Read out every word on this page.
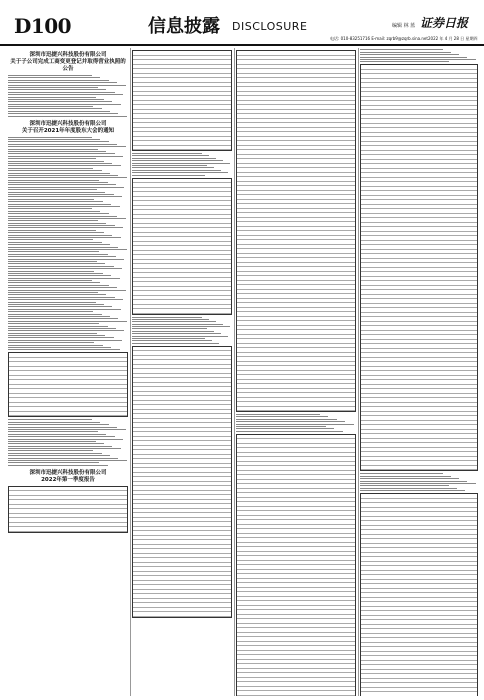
D100	信息披露 DISCLOSURE	编辑 林 蓝 证券日报
电话: 010-83251716 E-mail: zqrb9@zqrb.sina.net 2022 年 4 月 28 日 星期四
深圳市迅捷兴科技股份有限公司
关于子公司完成工商变更登记并取得营业执照的公告
深圳市迅捷兴科技股份有限公司
关于召开2021年年度股东大会的通知
深圳市迅捷兴科技股份有限公司
2022年第一季度报告
